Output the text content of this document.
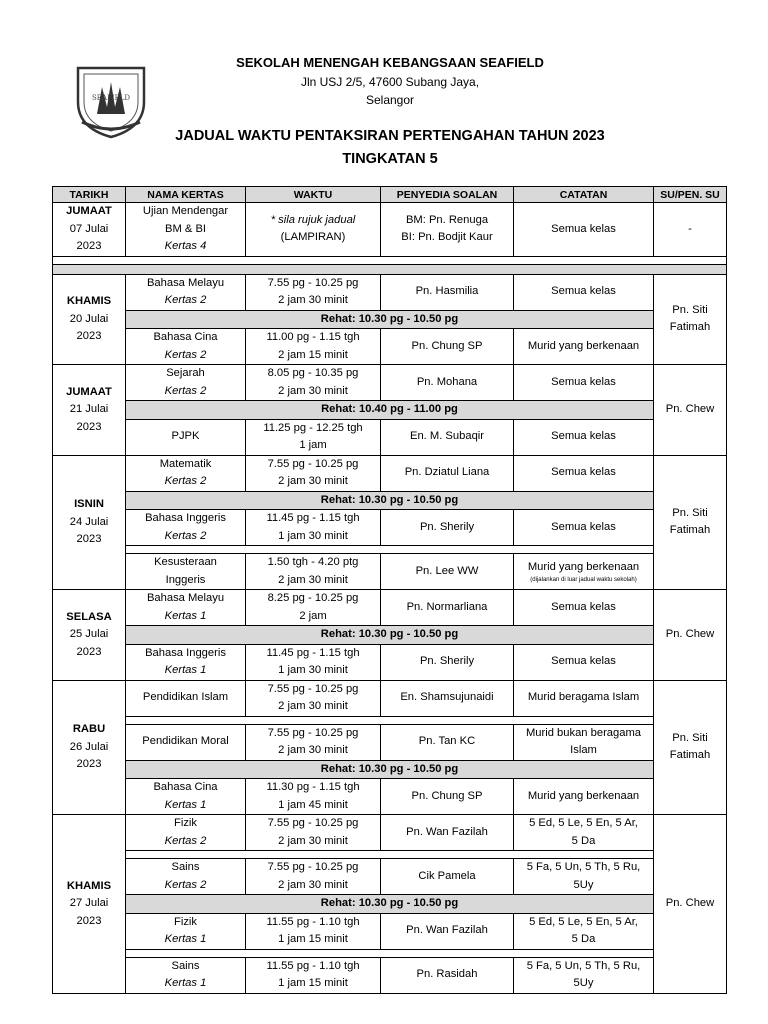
SEAFIELD
SEKOLAH MENENGAH KEBANGSAAN SEAFIELD
Jln USJ 2/5, 47600 Subang Jaya,
Selangor
JADUAL WAKTU PENTAKSIRAN PERTENGAHAN TAHUN 2023
TINGKATAN 5
TARIKH	NAMA KERTAS	WAKTU	PENYEDIA SOALAN	CATATAN	SU/PEN. SU

JUMAAT
07 Julai
2023	Ujian Mendengar
BM & BI
Kertas 4	* sila rujuk jadual
(LAMPIRAN)	BM: Pn. Renuga
BI: Pn. Bodjit Kaur	Semua kelas	-

KHAMIS
20 Julai
2023	Bahasa Melayu
Kertas 2	7.55 pg - 10.25 pg
2 jam 30 minit	Pn. Hasmilia	Semua kelas	Pn. Siti
Fatimah

	Rehat: 10.30 pg - 10.50 pg				

	Bahasa Cina
Kertas 2	11.00 pg - 1.15 tgh
2 jam 15 minit	Pn. Chung SP	Murid yang berkenaan	

JUMAAT
21 Julai
2023	Sejarah
Kertas 2	8.05 pg - 10.35 pg
2 jam 30 minit	Pn. Mohana	Semua kelas	Pn. Chew
	Rehat: 10.40 pg - 11.00 pg				
	PJPK	11.25 pg - 12.25 tgh
1 jam	En. M. Subaqir	Semua kelas	

ISNIN
24 Julai
2023	Matematik
Kertas 2	7.55 pg - 10.25 pg
2 jam 30 minit	Pn. Dziatul Liana	Semua kelas	Pn. Siti
Fatimah

	Rehat: 10.30 pg - 10.50 pg				

	Bahasa Inggeris
Kertas 2	11.45 pg - 1.15 tgh
1 jam 30 minit	Pn. Sherily	Semua kelas	

	Kesusteraan
Inggeris	1.50 tgh - 4.20 ptg
2 jam 30 minit	Pn. Lee WW	Murid yang berkenaan
(dijalankan di luar jadual waktu sekolah)	

SELASA
25 Julai
2023	Bahasa Melayu
Kertas 1	8.25 pg - 10.25 pg
2 jam	Pn. Normarliana	Semua kelas	Pn. Chew
	Rehat: 10.30 pg - 10.50 pg				

	Bahasa Inggeris
Kertas 1	11.45 pg - 1.15 tgh
1 jam 30 minit	Pn. Sherily	Semua kelas	

RABU
26 Julai
2023	Pendidikan Islam	7.55 pg - 10.25 pg
2 jam 30 minit	En. Shamsujunaidi	Murid beragama Islam	Pn. Siti
Fatimah

	Pendidikan Moral	7.55 pg - 10.25 pg
2 jam 30 minit	Pn. Tan KC	Murid bukan beragama
Islam	

	Rehat: 10.30 pg - 10.50 pg				

	Bahasa Cina
Kertas 1	11.30 pg - 1.15 tgh
1 jam 45 minit	Pn. Chung SP	Murid yang berkenaan	

KHAMIS
27 Julai
2023	Fizik
Kertas 2	7.55 pg - 10.25 pg
2 jam 30 minit	Pn. Wan Fazilah	5 Ed, 5 Le, 5 En, 5 Ar,
5 Da	Pn. Chew

	Sains
Kertas 2	7.55 pg - 10.25 pg
2 jam 30 minit	Cik Pamela	5 Fa, 5 Un, 5 Th, 5 Ru,
5Uy	

	Rehat: 10.30 pg - 10.50 pg				

	Fizik
Kertas 1	11.55 pg - 1.10 tgh
1 jam 15 minit	Pn. Wan Fazilah	5 Ed, 5 Le, 5 En, 5 Ar,
5 Da	

	Sains
Kertas 1	11.55 pg - 1.10 tgh
1 jam 15 minit	Pn. Rasidah	5 Fa, 5 Un, 5 Th, 5 Ru,
5Uy	
